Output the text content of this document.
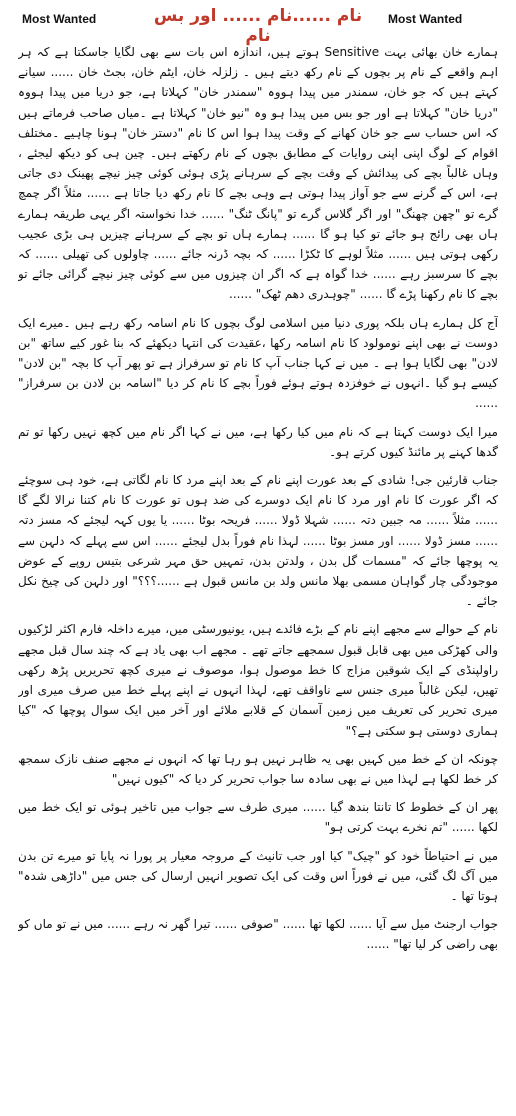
Most Wanted	نام ......نام ...... اور بس نام
Most Wanted

ہمارے خان بھائی بہت Sensitive ہوتے ہیں، اندازہ اس بات سے بھی لگایا جاسکتا ہے کہ ہر اہم واقعے کے نام پر بچوں کے نام رکھ دیتے ہیں ۔ زلزلہ خان، ایٹم خان، بجٹ خان ...... سیانے کہتے ہیں کہ جو خان، سمندر میں پیدا ہووہ "سمندر خان" کہلاتا ہے، جو دریا میں پیدا ہووہ "دریا خان" کہلاتا ہے اور جو بس میں پیدا ہو وہ "نیو خان" کہلاتا ہے ۔میاں صاحب فرماتے ہیں کہ اس حساب سے جو خان کھانے کے وقت پیدا ہوا اس کا نام "دستر خان" ہونا چاہیے ۔مختلف اقوام کے لوگ اپنی اپنی روایات کے مطابق بچوں کے نام رکھتے ہیں۔ چین ہی کو دیکھ لیجئے ، وہاں غالباً بچے کی پیدائش کے وقت بچے کے سرہانے پڑی ہوئی کوئی چیز نیچے پھینک دی جاتی ہے، اس کے گرنے سے جو آواز پیدا ہوتی ہے وہی بچے کا نام رکھ دیا جاتا ہے ...... مثلاً اگر چمچ گرے تو "چھن چھنگ" اور اگر گلاس گرے تو "پانگ ٹنگ" ...... خدا نخواستہ اگر یہی طریقہ ہمارے ہاں بھی رائج ہو جائے تو کیا ہو گا ...... ہمارے ہاں تو بچے کے سرہانے چیزیں ہی بڑی عجیب رکھی ہوتی ہیں ...... مثلاً لوہے کا ٹکڑا ...... کہ بچہ ڈرنہ جائے ...... چاولوں کی تھیلی ...... کہ بچے کا سرسبز رہے ...... خدا گواہ ہے کہ اگر ان چیزوں میں سے کوئی چیز نیچے گرائی جائے تو بچے کا نام رکھنا پڑے گا ...... "چوہدری دھم ٹھک" ......

آج کل ہمارے ہاں بلکہ پوری دنیا میں اسلامی لوگ بچوں کا نام اسامہ رکھ رہے ہیں ۔میرے ایک دوست نے بھی اپنے نومولود کا نام اسامہ رکھا ،عقیدت کی انتہا دیکھئے کہ بنا غور کیے ساتھ "بن لادن" بھی لگایا ہوا ہے ۔ میں نے کہا جناب آپ کا نام تو سرفراز ہے تو پھر آپ کا بچہ "بن لادن" کیسے ہو گیا ۔انہوں نے خوفزدہ ہوتے ہوئے فوراً بچے کا نام کر دیا "اسامہ بن لادن بن سرفراز" ......

میرا ایک دوست کہتا ہے کہ نام میں کیا رکھا ہے، میں نے کہا اگر نام میں کچھ نہیں رکھا تو تم گدھا کہنے پر مائنڈ کیوں کرتے ہو۔

جناب قارئین جی! شادی کے بعد عورت اپنے نام کے بعد اپنے مرد کا نام لگاتی ہے، خود ہی سوچئے کہ اگر عورت کا نام اور مرد کا نام ایک دوسرے کی ضد ہوں تو عورت کا نام کتنا نرالا لگے گا ...... مثلاً ...... مہ جبین دتہ ...... شہلا ڈولا ...... فریحہ بوٹا ...... یا یوں کہہ لیجئے کہ مسز دتہ ...... مسز ڈولا ...... اور مسز بوٹا ...... لہذا نام فوراً بدل لیجئے ...... اس سے پہلے کہ دلہن سے یہ پوچھا جائے کہ "مسمات گل بدن ، ولدتن بدن، تمہیں حق مہر شرعی بتیس روپے کے عوض موجودگی چار گواہان مسمی بھلا مانس ولد بن مانس قبول ہے ......؟؟؟" اور دلہن کی چیخ نکل جائے ۔

نام کے حوالے سے مجھے اپنے نام کے بڑے فائدے ہیں، یونیورسٹی میں، میرے داخلہ فارم اکثر لڑکیوں والی کھڑکی میں بھی قابل قبول سمجھے جاتے تھے ۔ مجھے اب بھی یاد ہے کہ چند سال قبل مجھے راولپنڈی کے ایک شوقین مزاج کا خط موصول ہوا، موصوف نے میری کچھ تحریریں پڑھ رکھی تھیں، لیکن غالباً میری جنس سے ناواقف تھے، لہذا انہوں نے اپنے پہلے خط میں صرف میری اور میری تحریر کی تعریف میں زمین آسمان کے قلابے ملائے اور آخر میں ایک سوال پوچھا کہ "کیا ہماری دوستی ہو سکتی ہے؟"

چونکہ ان کے خط میں کہیں بھی یہ ظاہر نہیں ہو رہا تھا کہ انہوں نے مجھے صنف نازک سمجھ کر خط لکھا ہے لہذا میں نے بھی سادہ سا جواب تحریر کر دیا کہ "کیوں نہیں"

پھر ان کے خطوط کا تانتا بندھ گیا ...... میری طرف سے جواب میں تاخیر ہوئی تو ایک خط میں لکھا ...... "تم نخرے بہت کرتی ہو"

میں نے احتیاطاً خود کو "چیک" کیا اور جب تانیث کے مروجہ معیار پر پورا نہ پایا تو میرے تن بدن میں آگ لگ گئی، میں نے فوراً اس وقت کی ایک تصویر انہیں ارسال کی جس میں "داڑھی شدہ" ہوتا تھا ۔

جواب ارجنٹ میل سے آیا ...... لکھا تھا ...... "صوفی ...... تیرا گھر نہ رہے ...... میں نے تو ماں کو بھی راضی کر لیا تھا" ......
